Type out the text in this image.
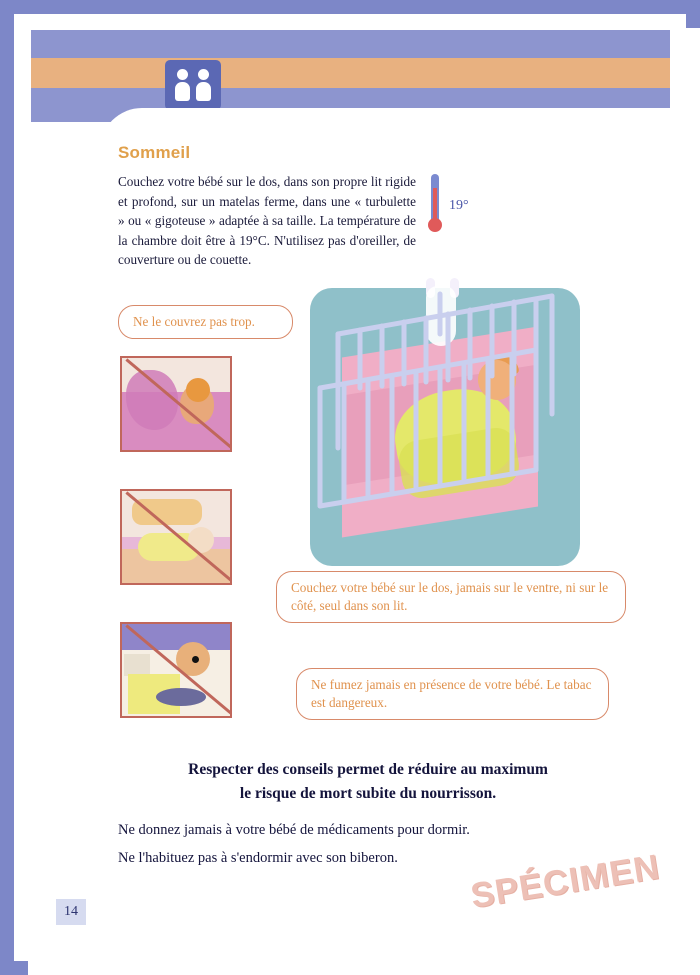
Sommeil
Couchez votre bébé sur le dos, dans son propre lit rigide et profond, sur un matelas ferme, dans une « turbulette » ou « gigoteuse » adaptée à sa taille. La température de la chambre doit être à 19°C. N'utilisez pas d'oreiller, de couverture ou de couette.
19°
Ne le couvrez pas trop.
Couchez votre bébé sur le dos, jamais sur le ventre, ni sur le côté, seul dans son lit.
Ne fumez jamais en présence de votre bébé. Le tabac est dangereux.
Respecter des conseils permet de réduire au maximum
le risque de mort subite du nourrisson.
Ne donnez jamais à votre bébé de médicaments pour dormir.
Ne l'habituez pas à s'endormir avec son biberon.
14	SPÉCIMEN
